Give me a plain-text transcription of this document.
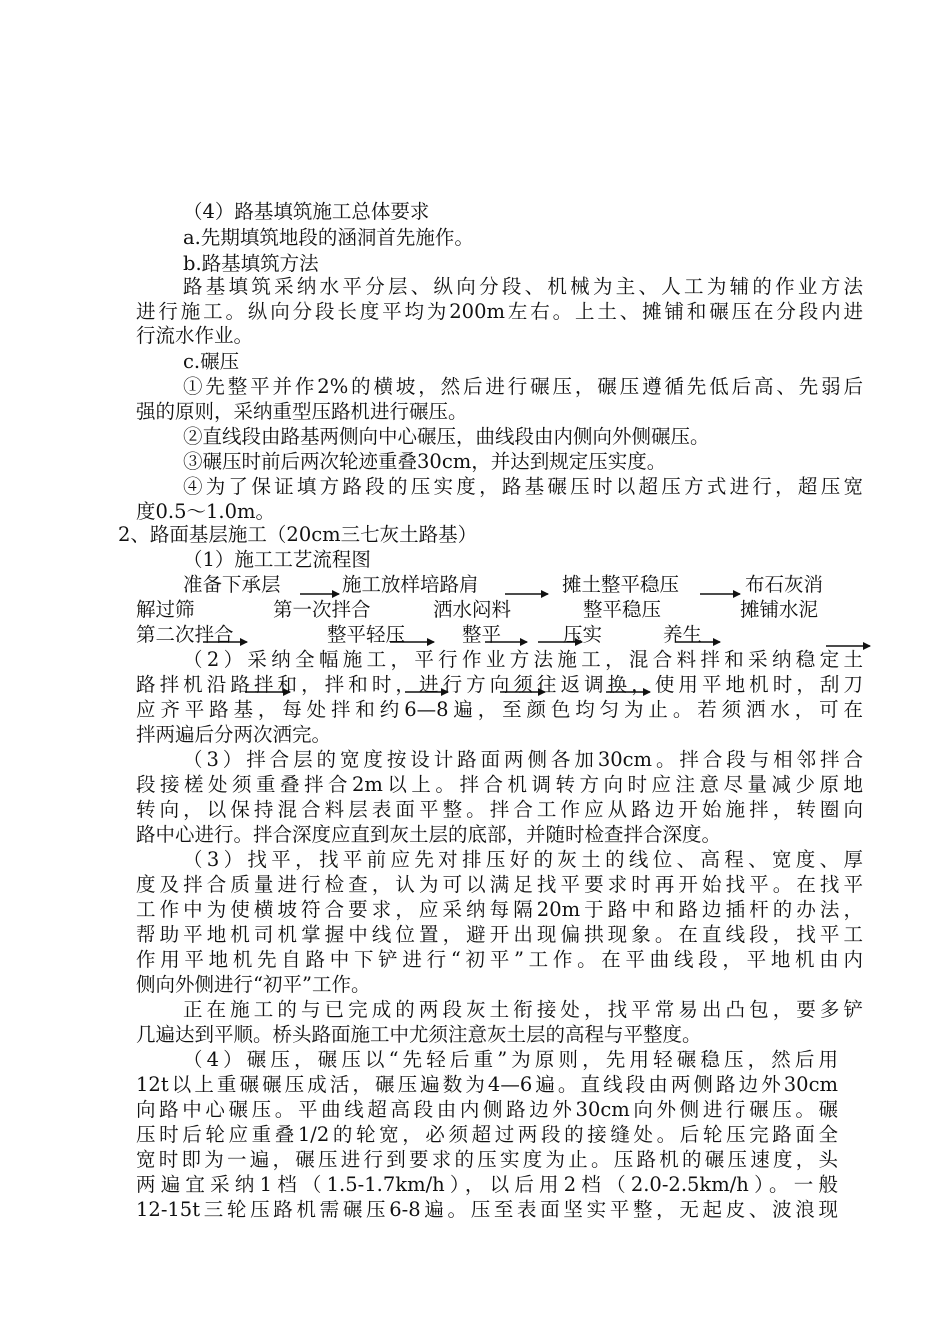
（4）路基填筑施工总体要求
a.先期填筑地段的涵洞首先施作。
b.路基填筑方法
路基填筑采纳水平分层、纵向分段、机械为主、人工为辅的作业方法
进行施工。纵向分段长度平均为200m左右。上土、摊铺和碾压在分段内进
行流水作业。
c.碾压
①先整平并作2%的横坡，然后进行碾压，碾压遵循先低后高、先弱后
强的原则，采纳重型压路机进行碾压。
②直线段由路基两侧向中心碾压，曲线段由内侧向外侧碾压。
③碾压时前后两次轮迹重叠30cm，并达到规定压实度。
④为了保证填方路段的压实度，路基碾压时以超压方式进行，超压宽
度0.5～1.0m。
2、路面基层施工（20cm三七灰土路基）
（1）施工工艺流程图
准备下承层	施工放样培路肩	摊土整平稳压	布石灰消
解过筛	第一次拌合	洒水闷料	整平稳压	摊铺水泥
第二次拌合	整平轻压	整平	压实	养生
（2）采纳全幅施工，平行作业方法施工，混合料拌和采纳稳定土
路拌机沿路拌和，拌和时，进行方向须往返调换，使用平地机时，刮刀
应齐平路基，每处拌和约6—8遍，至颜色均匀为止。若须洒水，可在
拌两遍后分两次洒完。
（3）拌合层的宽度按设计路面两侧各加30cm。拌合段与相邻拌合
段接槎处须重叠拌合2m以上。拌合机调转方向时应注意尽量减少原地
转向，以保持混合料层表面平整。拌合工作应从路边开始施拌，转圈向
路中心进行。拌合深度应直到灰土层的底部，并随时检查拌合深度。
（3）找平，找平前应先对排压好的灰土的线位、高程、宽度、厚
度及拌合质量进行检查，认为可以满足找平要求时再开始找平。在找平
工作中为使横坡符合要求，应采纳每隔20m于路中和路边插杆的办法，
帮助平地机司机掌握中线位置，避开出现偏拱现象。在直线段，找平工
作用平地机先自路中下铲进行“初平”工作。在平曲线段，平地机由内
侧向外侧进行“初平”工作。
正在施工的与已完成的两段灰土衔接处，找平常易出凸包，要多铲
几遍达到平顺。桥头路面施工中尤须注意灰土层的高程与平整度。
（4）碾压，碾压以“先轻后重”为原则，先用轻碾稳压，然后用
12t以上重碾碾压成活，碾压遍数为4—6遍。直线段由两侧路边外30cm
向路中心碾压。平曲线超高段由内侧路边外30cm向外侧进行碾压。碾
压时后轮应重叠1/2的轮宽，必须超过两段的接缝处。后轮压完路面全
宽时即为一遍，碾压进行到要求的压实度为止。压路机的碾压速度，头
两遍宜采纳1档（1.5-1.7km/h），以后用2档（2.0-2.5km/h）。一般
12-15t三轮压路机需碾压6-8遍。压至表面坚实平整，无起皮、波浪现
